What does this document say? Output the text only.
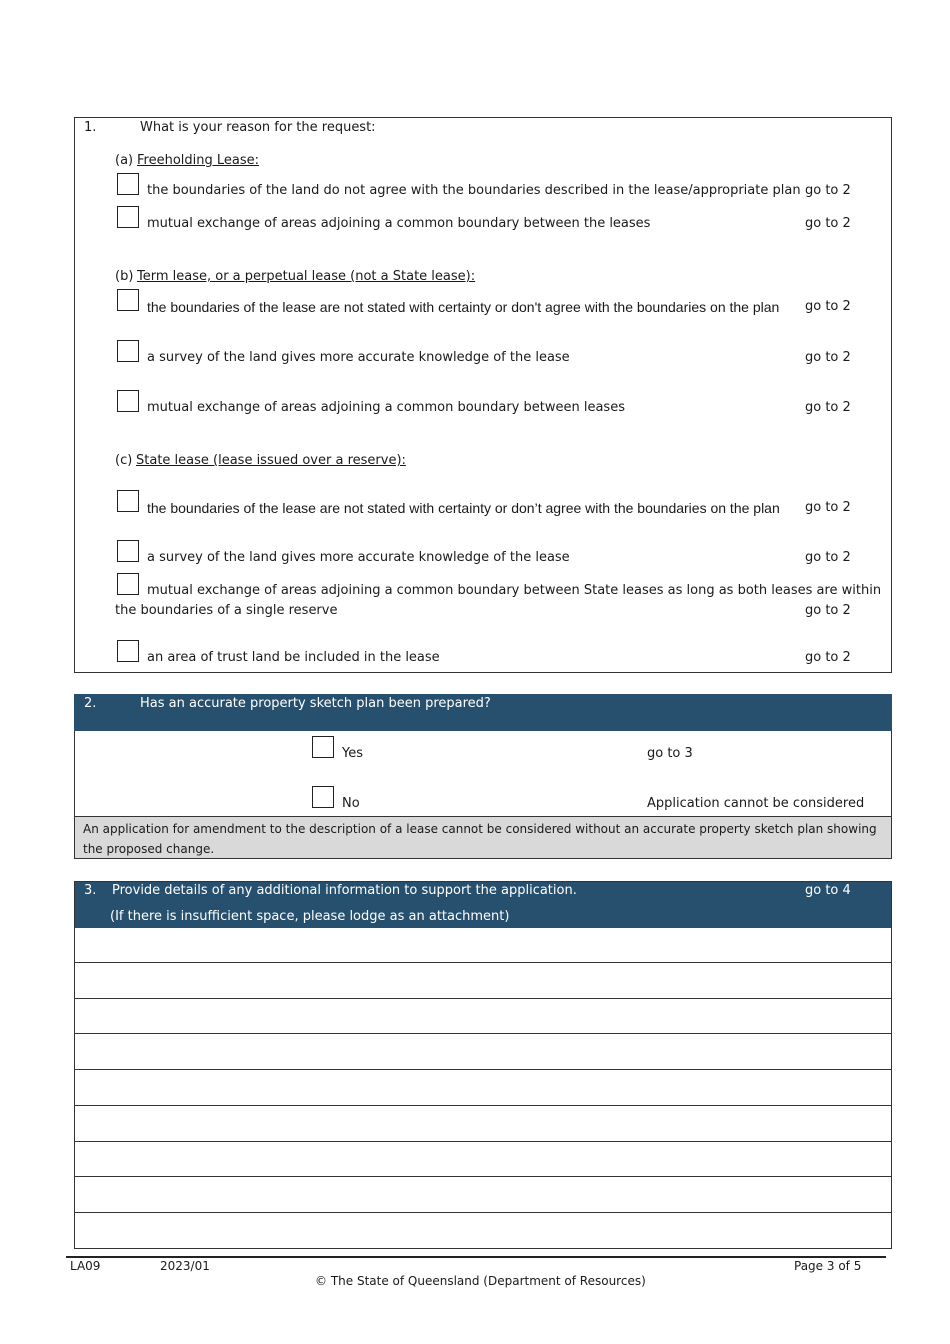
1.	What is your reason for the request:
(a) Freeholding Lease:
the boundaries of the land do not agree with the boundaries described in the lease/appropriate plan go to 2
mutual exchange of areas adjoining a common boundary between the leases	go to 2
(b) Term lease, or a perpetual lease (not a State lease):
the boundaries of the lease are not stated with certainty or don't agree with the boundaries on the plan go to 2
a survey of the land gives more accurate knowledge of the lease	go to 2
mutual exchange of areas adjoining a common boundary between leases	go to 2
(c) State lease (lease issued over a reserve):
the boundaries of the lease are not stated with certainty or don’t agree with the boundaries on the plan go to 2
a survey of the land gives more accurate knowledge of the lease	go to 2
mutual exchange of areas adjoining a common boundary between State leases as long as both leases are within
the boundaries of a single reserve	go to 2
an area of trust land be included in the lease	go to 2
2.	Has an accurate property sketch plan been prepared?
Yes	go to 3
No	Application cannot be considered
An application for amendment to the description of a lease cannot be considered without an accurate property sketch plan showing the proposed change.
3. Provide details of any additional information to support the application.	go to 4
(If there is insufficient space, please lodge as an attachment)
LA09	2023/01	Page 3 of 5
© The State of Queensland (Department of Resources)
